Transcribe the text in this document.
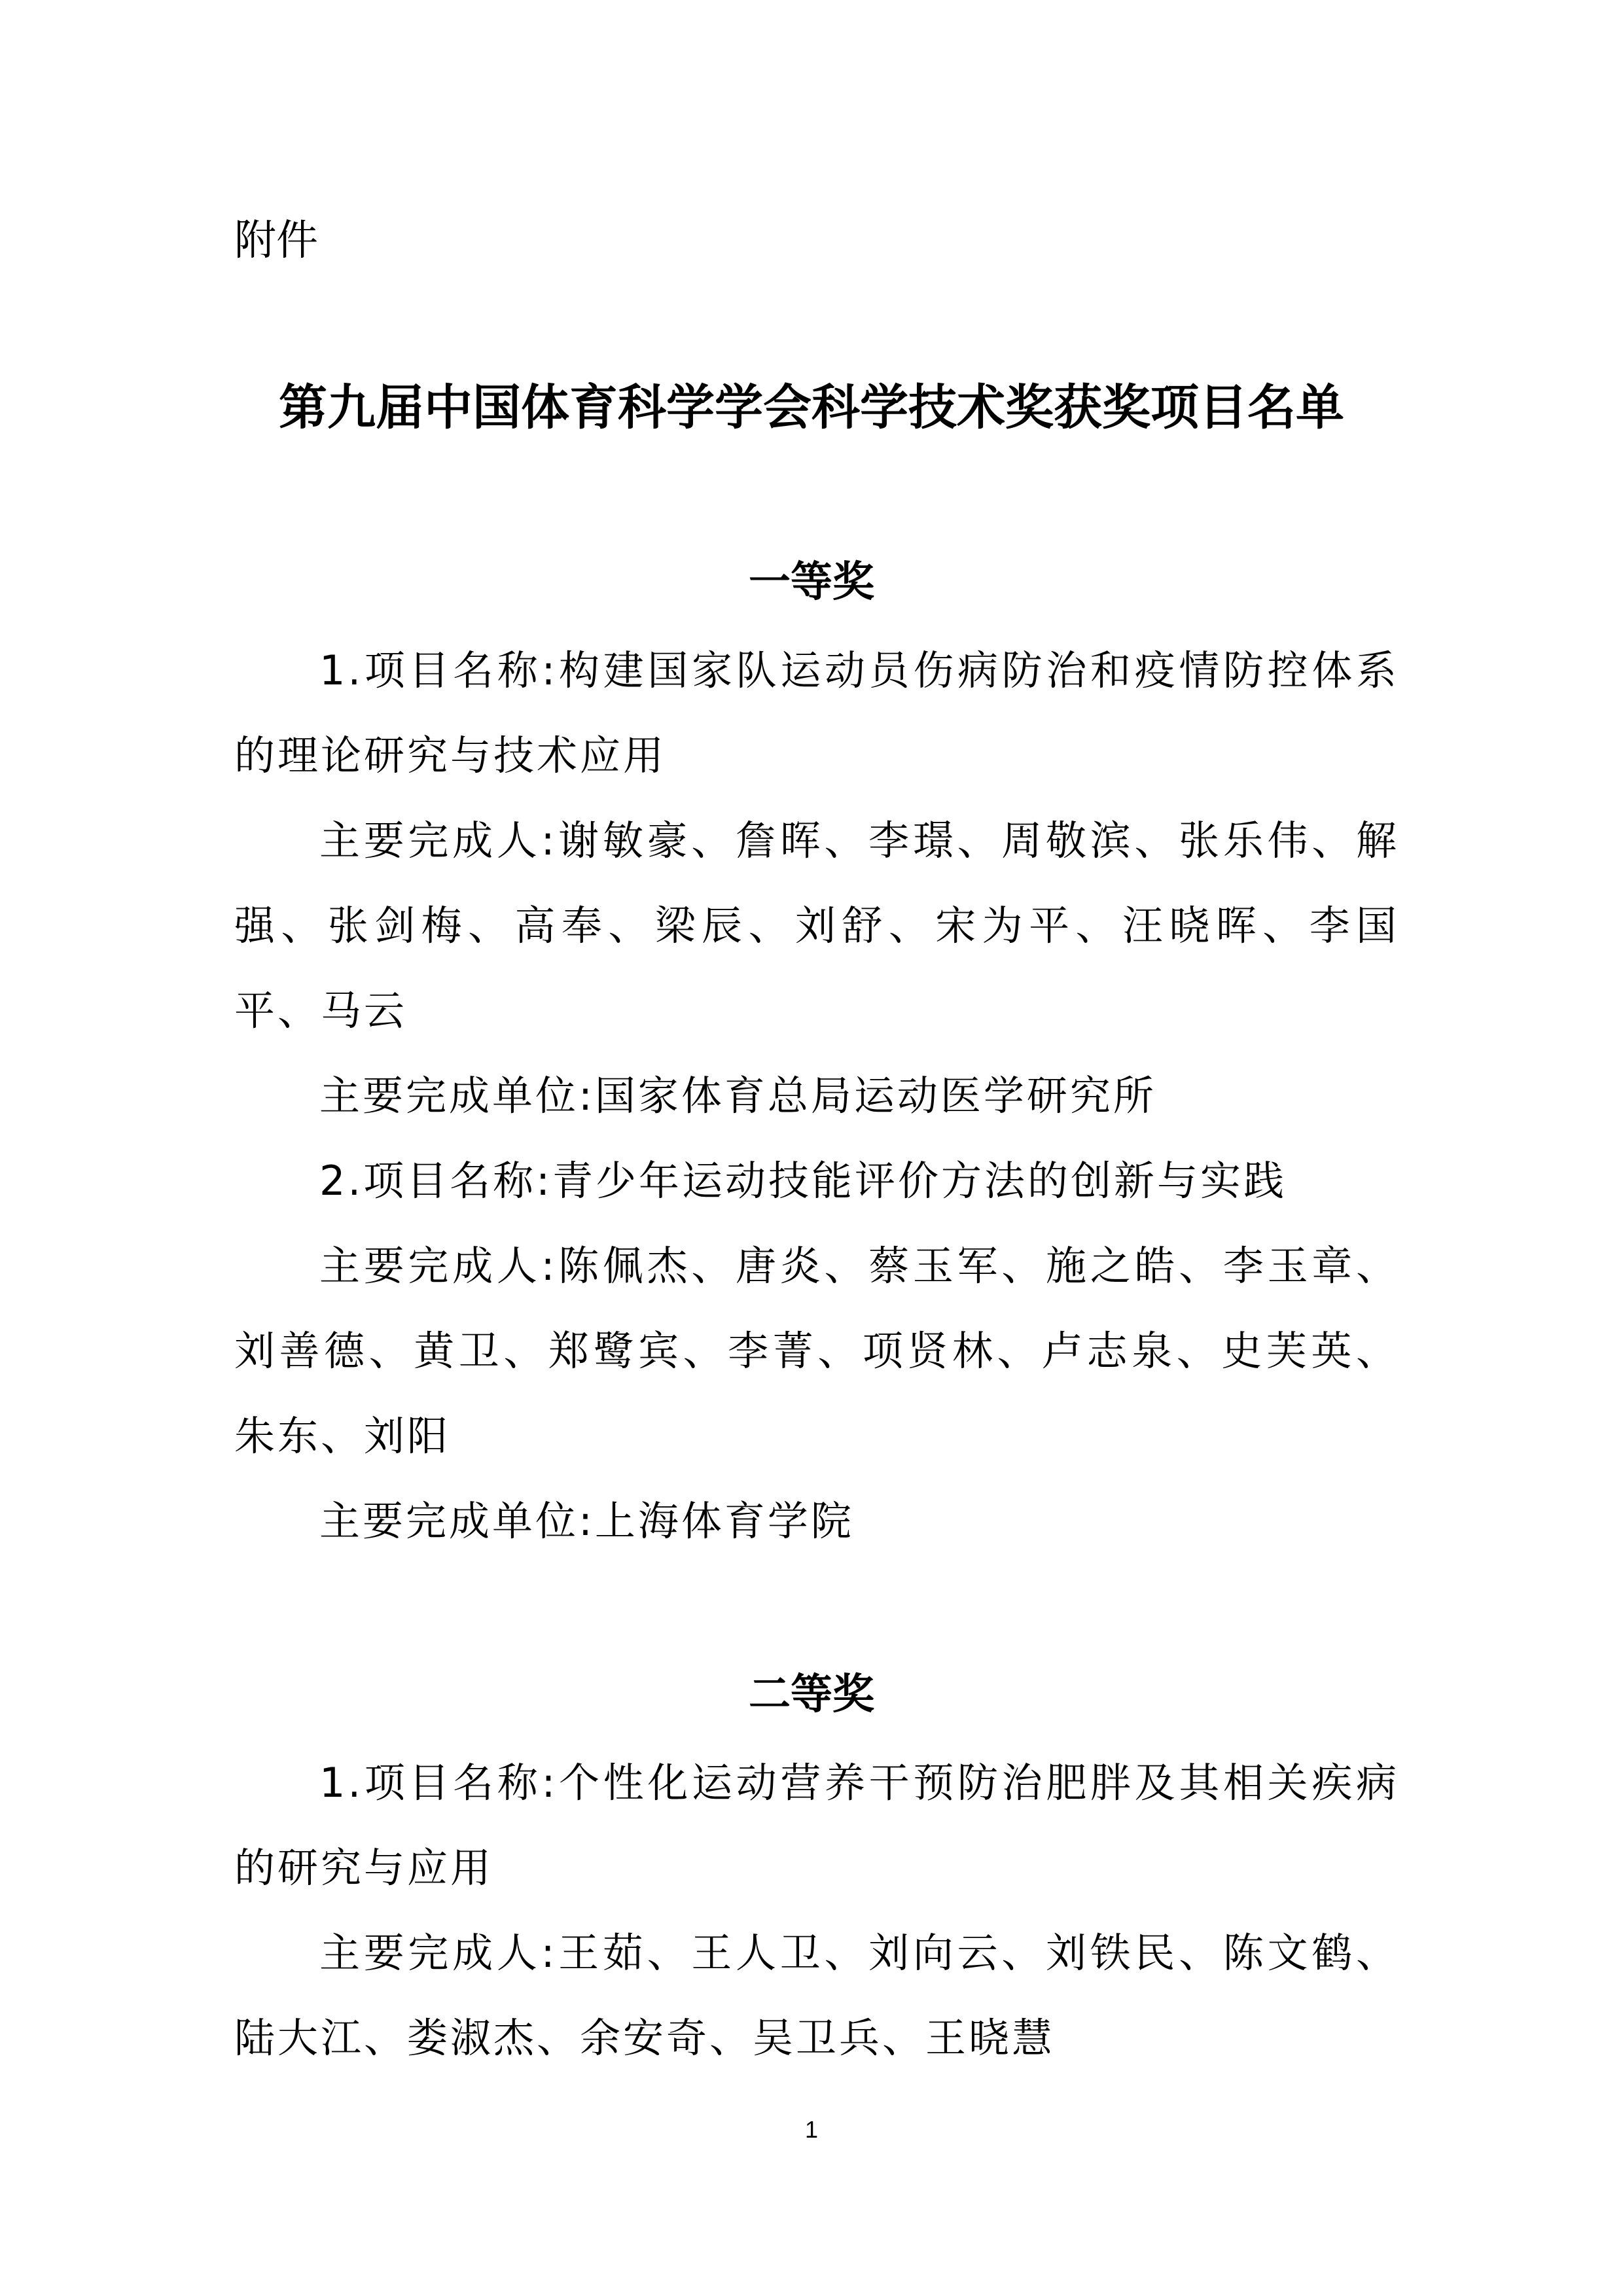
附件
第九届中国体育科学学会科学技术奖获奖项目名单
一等奖

1.项目名称:构建国家队运动员伤病防治和疫情防控体系的理论研究与技术应用

主要完成人:谢敏豪、詹晖、李璟、周敬滨、张乐伟、解强、张剑梅、高奉、梁辰、刘舒、宋为平、汪晓晖、李国平、马云

主要完成单位:国家体育总局运动医学研究所

2.项目名称:青少年运动技能评价方法的创新与实践

主要完成人:陈佩杰、唐炎、蔡玉军、施之皓、李玉章、刘善德、黄卫、郑鹭宾、李菁、项贤林、卢志泉、史芙英、朱东、刘阳

主要完成单位:上海体育学院

二等奖

1.项目名称:个性化运动营养干预防治肥胖及其相关疾病的研究与应用

主要完成人:王茹、王人卫、刘向云、刘铁民、陈文鹤、陆大江、娄淑杰、余安奇、吴卫兵、王晓慧

1
